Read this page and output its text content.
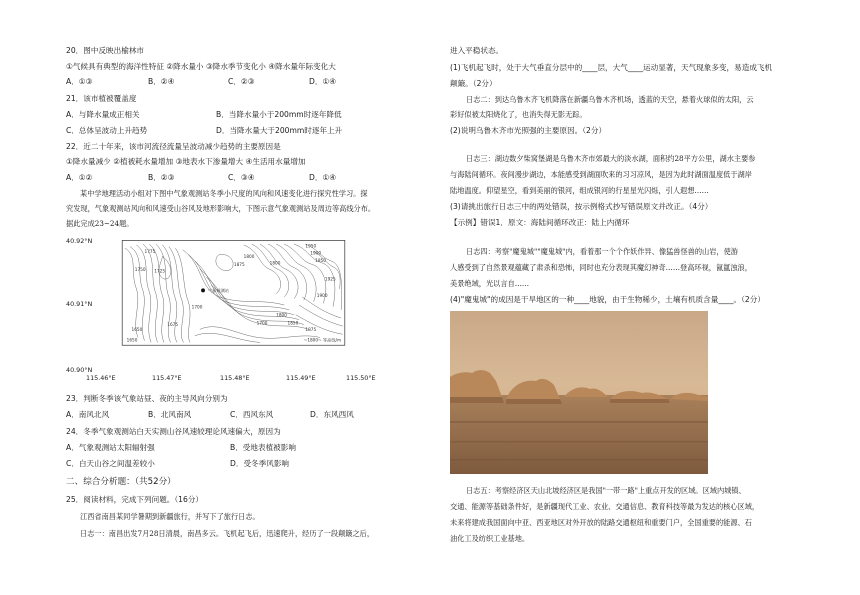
20．图中反映出榆林市
①气候具有典型的海洋性特征 ②降水量小 ③降水季节变化小 ④降水量年际变化大
A．①③	B．②④	C．②③	D．①④
21．该市植被覆盖度
A．与降水量成正相关	B．当降水量小于200mm时逐年降低
C．总体呈波动上升趋势	D．当降水量大于200mm时逐年上升
22．近二十年来，该市河流径流量呈波动减少趋势的主要原因是
①降水量减少 ②植被耗水量增加 ③地表水下渗量增大 ④生活用水量增加
A．①②	B．②③	C．③④	D．①④
某中学地理活动小组对下图中气象观测站冬季小尺度的风向和风速变化进行探究性学习。探
究发现，气象观测站风向和风速受山谷风及地形影响大，下图示意气象观测站及周边等高线分布。
据此完成23~24题。
40.92°N
40.91°N
40.90°N
气象观测站
1950
1900
1850
1800
1875
1800
1775
1750 1725
1700
1650
1675	1700
1800
1850
1875
1900
1925
1650	~1800~ 等高线/m
115.46°E	115.47°E	115.48°E	115.49°E	115.50°E
23．判断冬季该气象站昼、夜的主导风向分别为
A．南风北风	B．北风南风	C．西风东风	D．东风西风
24．冬季气象观测站白天实测山谷风速较理论风速偏大，原因为
A．气象观测站太阳辐射强	B．受地表植被影响
C．白天山谷之间温差较小	D．受冬季风影响
二、综合分析题：（共52分）
25．阅读材料，完成下列问题。（16分）
江西省南昌某同学暑期到新疆旅行，并写下了旅行日志。
日志一：南昌出发7月28日清晨，南昌多云。飞机起飞后，迅速爬升，经历了一段颠簸之后，
进入平稳状态。
(1)飞机起飞时，处于大气垂直分层中的____层，大气____运动显著，天气现象多变，易造成飞机
颠簸。（2分）
日志二：到达乌鲁木齐飞机降落在新疆乌鲁木齐机场，透蓝的天空，悬着火球似的太阳，云
彩好似被太阳烧化了，也消失得无影无踪。
(2)说明乌鲁木齐市光照强的主要原因。（2分）
日志三：湖边数夕柴窝堡湖是乌鲁木齐市郊最大的淡水湖，面积约28平方公里，湖水主要参
与海陆间循环。夜间漫步湖边，本能感受到湖面吹来的习习凉风，是因为此时湖面温度低于湖岸
陆地温度。仰望星空，看到美丽的银河，组成银河的行星星光闪烁，引人遐想……
(3)请挑出旅行日志三中的两处错误，按示例格式抄写错误原文并改正。（4分）
【示例】错误1．原文：海陆间循环改正：陆上内循环
日志四：考察"魔鬼城""魔鬼城"内，看着那一个个作妖作异、像猛兽怪兽的山岩，使游
人感受到了自然景观蕴藏了肃杀和恐怖，同时也充分表现其魔幻神奇……登高环视，氤氲浊浪，
美景绝域，光以言自……
(4)"魔鬼城"的成因是干旱地区的一种____地貌，由于生物稀少，土壤有机质含量____。（2分）
日志五：考察经济区天山北坡经济区是我国"一带一路"上重点开发的区域。区域内城镇、
交通、能源等基础条件好，是新疆现代工业、农业、交通信息、教育科技等最为发达的核心区域，
未来将建成我国面向中亚、西亚地区对外开放的陆路交通枢纽和重要门户，全国重要的能源、石
油化工及纺织工业基地。
